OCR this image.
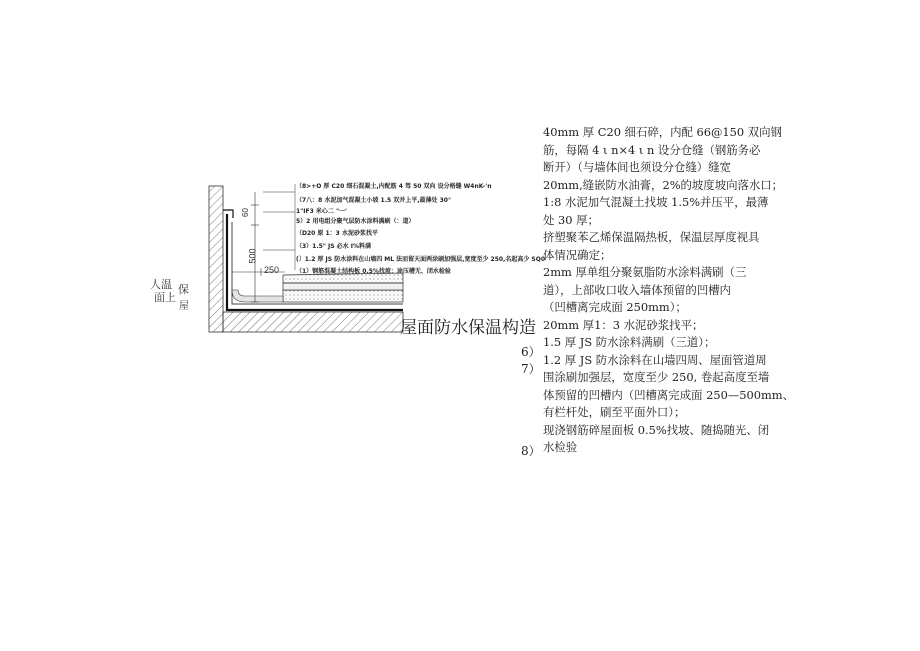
人温
面上
保
屋
60
500
250
（8>+O 厚 C20 细石混凝土,内配筋 4 驾 50 双向 设分格缝 W4nK-'n
（7八：8 水泥加气混凝土小坡 1.5 双并上平,最薄处 30°
1"IF3 米心二 "一'
5）2 用电组分聚气层防水涂料满刷（：道）
（D20 原 1：3 水泥砂浆找平
（3）1.5" JS 必水 I%料满
(〕1.2 厚 JS 防水涂料在山墙四 ML 法而留天面两涂刷加强层,宽度至少 250,名起高少 SQ0
（1）钢筋混凝土结构板 0.5%找坡：途压槽无、闭水检验
屋面防水保温构造
6）
7）
8）
40mm 厚 C20 细石碎，内配 66@150 双向钢
筋，每隔 4 ι n×4 ι n 设分仓缝（钢筋务必
断开）（与墙体间也须设分仓缝）缝宽
20mm,缝嵌防水油膏，2%的坡度坡向落水口；
1:8 水泥加气混凝土找坡 1.5%并压平，最薄
处 30 厚；
挤塑聚苯乙烯保温隔热板，保温层厚度视具
体情况确定；
2mm 厚单组分聚氨脂防水涂料满刷（三
道），上部收口收入墙体预留的凹槽内
（凹槽离完成面 250mm）；
20mm 厚1：3 水泥砂浆找平；
1.5 厚 JS 防水涂料满刷（三道）；
1.2 厚 JS 防水涂料在山墙四周、屋面管道周
围涂刷加强层，宽度至少 250, 卷起高度至墙
体预留的凹槽内（凹槽离完成面 250—500mm、
有栏杆处，刷至平面外口）；
现浇钢筋碎屋面板 0.5%找坡、随捣随光、闭
水检验
